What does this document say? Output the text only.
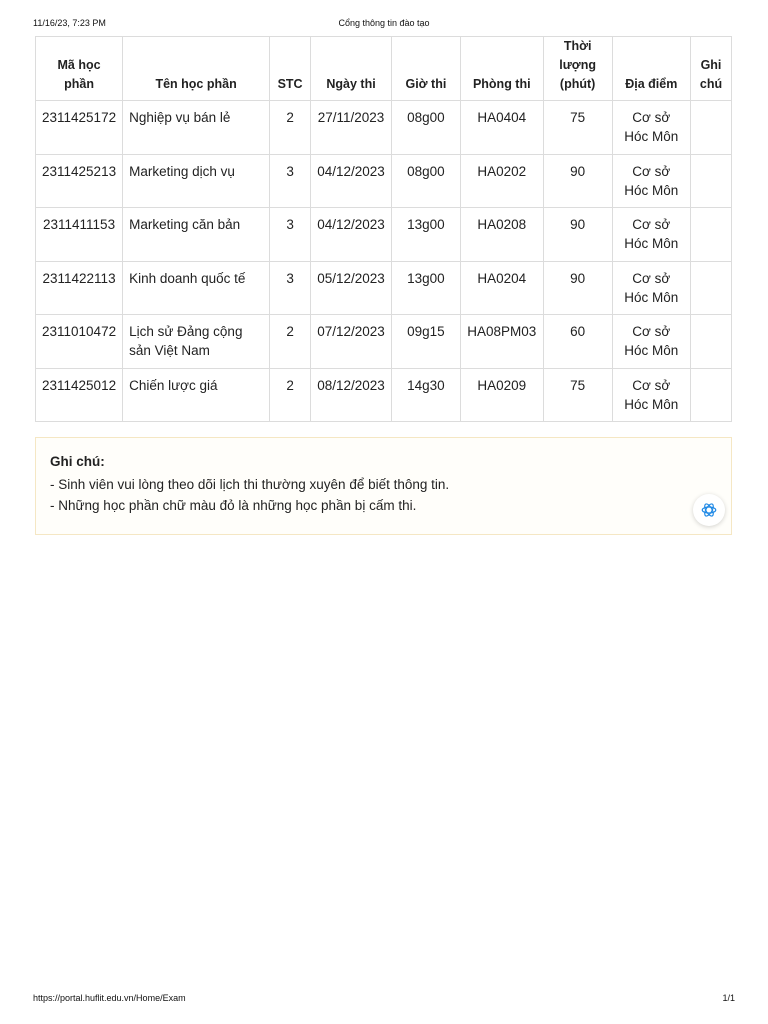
11/16/23, 7:23 PM	Cổng thông tin đào tạo
Mã học phần	Tên học phần	STC	Ngày thi	Giờ thi	Phòng thi	Thời lượng (phút)	Địa điểm	Ghi chú
2311425172	Nghiệp vụ bán lẻ	2	27/11/2023	08g00	HA0404	75	Cơ sở Hóc Môn	
2311425213	Marketing dịch vụ	3	04/12/2023	08g00	HA0202	90	Cơ sở Hóc Môn	
2311411153	Marketing căn bản	3	04/12/2023	13g00	HA0208	90	Cơ sở Hóc Môn	
2311422113	Kinh doanh quốc tế	3	05/12/2023	13g00	HA0204	90	Cơ sở Hóc Môn	
2311010472	Lịch sử Đảng cộng sản Việt Nam	2	07/12/2023	09g15	HA08PM03	60	Cơ sở Hóc Môn	
2311425012	Chiến lược giá	2	08/12/2023	14g30	HA0209	75	Cơ sở Hóc Môn	
Ghi chú:
- Sinh viên vui lòng theo dõi lịch thi thường xuyên để biết thông tin.
- Những học phần chữ màu đỏ là những học phần bị cấm thi.
https://portal.huflit.edu.vn/Home/Exam	1/1
